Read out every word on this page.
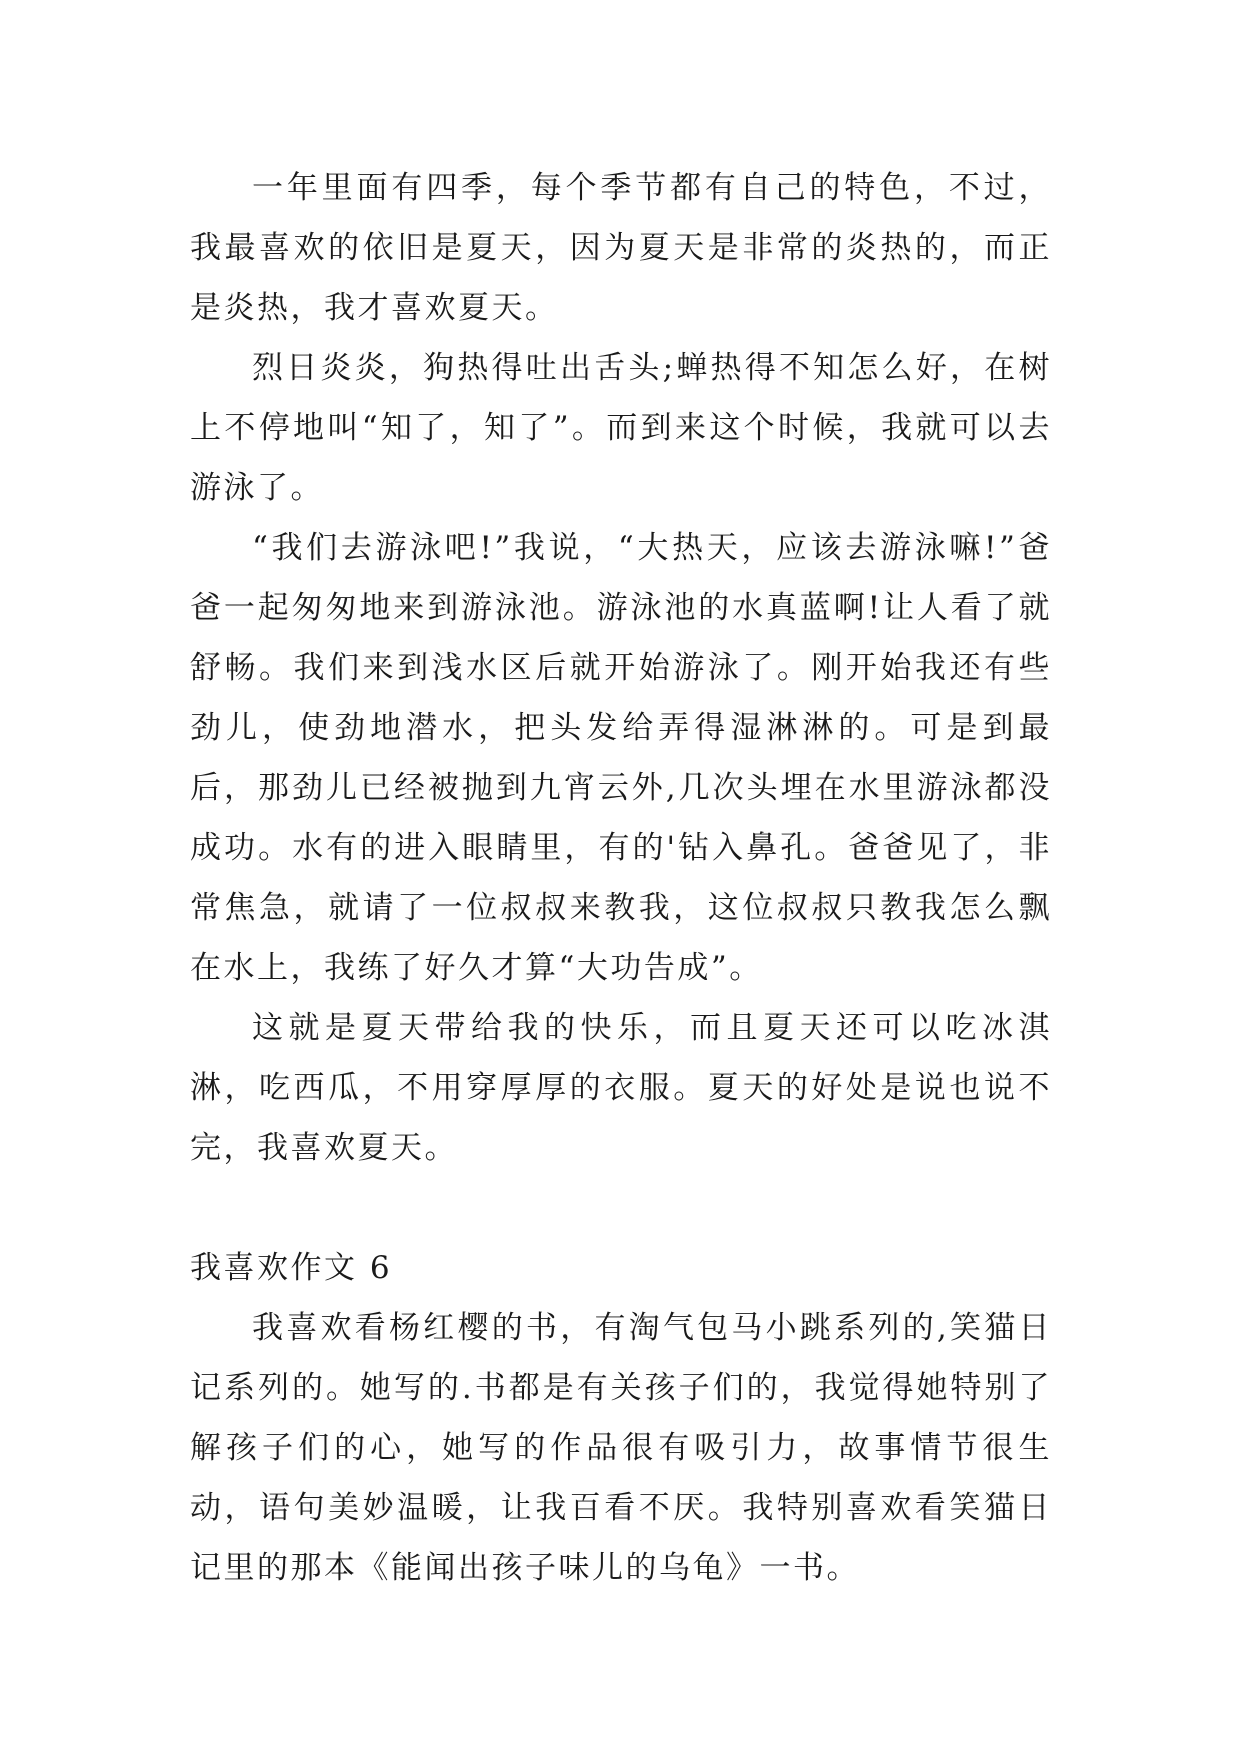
一年里面有四季，每个季节都有自己的特色，不过，我最喜欢的依旧是夏天，因为夏天是非常的炎热的，而正是炎热，我才喜欢夏天。

烈日炎炎，狗热得吐出舌头;蝉热得不知怎么好，在树上不停地叫“知了，知了”。而到来这个时候，我就可以去游泳了。

“我们去游泳吧!”我说，“大热天，应该去游泳嘛!”爸爸一起匆匆地来到游泳池。游泳池的水真蓝啊!让人看了就舒畅。我们来到浅水区后就开始游泳了。刚开始我还有些劲儿，使劲地潜水，把头发给弄得湿淋淋的。可是到最后，那劲儿已经被抛到九宵云外,几次头埋在水里游泳都没成功。水有的进入眼睛里，有的'钻入鼻孔。爸爸见了，非常焦急，就请了一位叔叔来教我，这位叔叔只教我怎么飘在水上，我练了好久才算“大功告成”。

这就是夏天带给我的快乐，而且夏天还可以吃冰淇淋，吃西瓜，不用穿厚厚的衣服。夏天的好处是说也说不完，我喜欢夏天。

我喜欢作文 6

我喜欢看杨红樱的书，有淘气包马小跳系列的,笑猫日记系列的。她写的.书都是有关孩子们的，我觉得她特别了解孩子们的心，她写的作品很有吸引力，故事情节很生动，语句美妙温暖，让我百看不厌。我特别喜欢看笑猫日记里的那本《能闻出孩子味儿的乌龟》一书。
